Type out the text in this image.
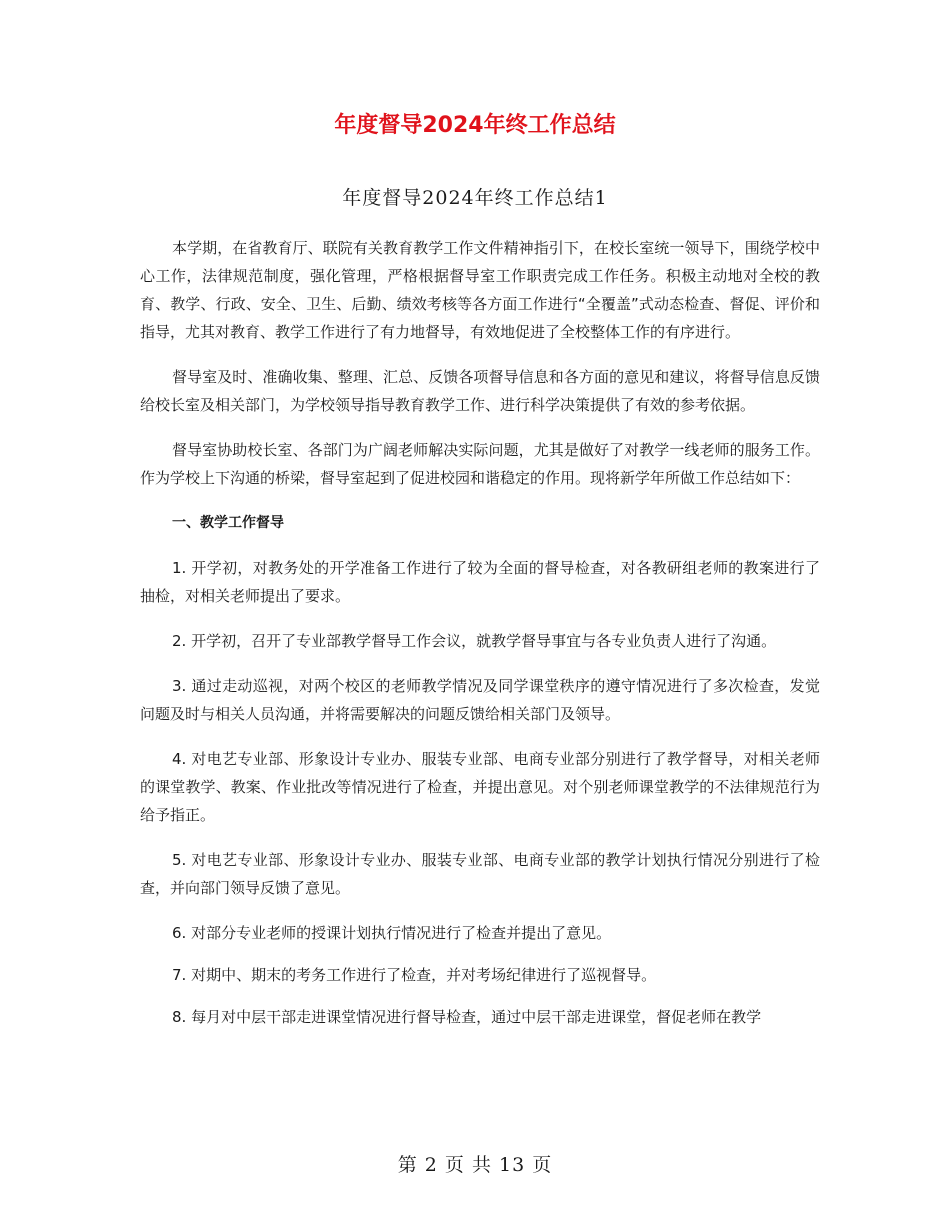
年度督导2024年终工作总结
年度督导2024年终工作总结1

本学期，在省教育厅、联院有关教育教学工作文件精神指引下，在校长室统一领导下，围绕学校中心工作，法律规范制度，强化管理，严格根据督导室工作职责完成工作任务。积极主动地对全校的教育、教学、行政、安全、卫生、后勤、绩效考核等各方面工作进行“全覆盖”式动态检查、督促、评价和指导，尤其对教育、教学工作进行了有力地督导，有效地促进了全校整体工作的有序进行。

督导室及时、准确收集、整理、汇总、反馈各项督导信息和各方面的意见和建议，将督导信息反馈给校长室及相关部门，为学校领导指导教育教学工作、进行科学决策提供了有效的参考依据。

督导室协助校长室、各部门为广阔老师解决实际问题，尤其是做好了对教学一线老师的服务工作。作为学校上下沟通的桥梁，督导室起到了促进校园和谐稳定的作用。现将新学年所做工作总结如下：

一、教学工作督导

1. 开学初，对教务处的开学准备工作进行了较为全面的督导检查，对各教研组老师的教案进行了抽检，对相关老师提出了要求。

2. 开学初，召开了专业部教学督导工作会议，就教学督导事宜与各专业负责人进行了沟通。

3. 通过走动巡视，对两个校区的老师教学情况及同学课堂秩序的遵守情况进行了多次检查，发觉问题及时与相关人员沟通，并将需要解决的问题反馈给相关部门及领导。

4. 对电艺专业部、形象设计专业办、服装专业部、电商专业部分别进行了教学督导，对相关老师的课堂教学、教案、作业批改等情况进行了检查，并提出意见。对个别老师课堂教学的不法律规范行为给予指正。

5. 对电艺专业部、形象设计专业办、服装专业部、电商专业部的教学计划执行情况分别进行了检查，并向部门领导反馈了意见。

6. 对部分专业老师的授课计划执行情况进行了检查并提出了意见。

7. 对期中、期末的考务工作进行了检查，并对考场纪律进行了巡视督导。

8. 每月对中层干部走进课堂情况进行督导检查，通过中层干部走进课堂，督促老师在教学

第 2 页 共 13 页
